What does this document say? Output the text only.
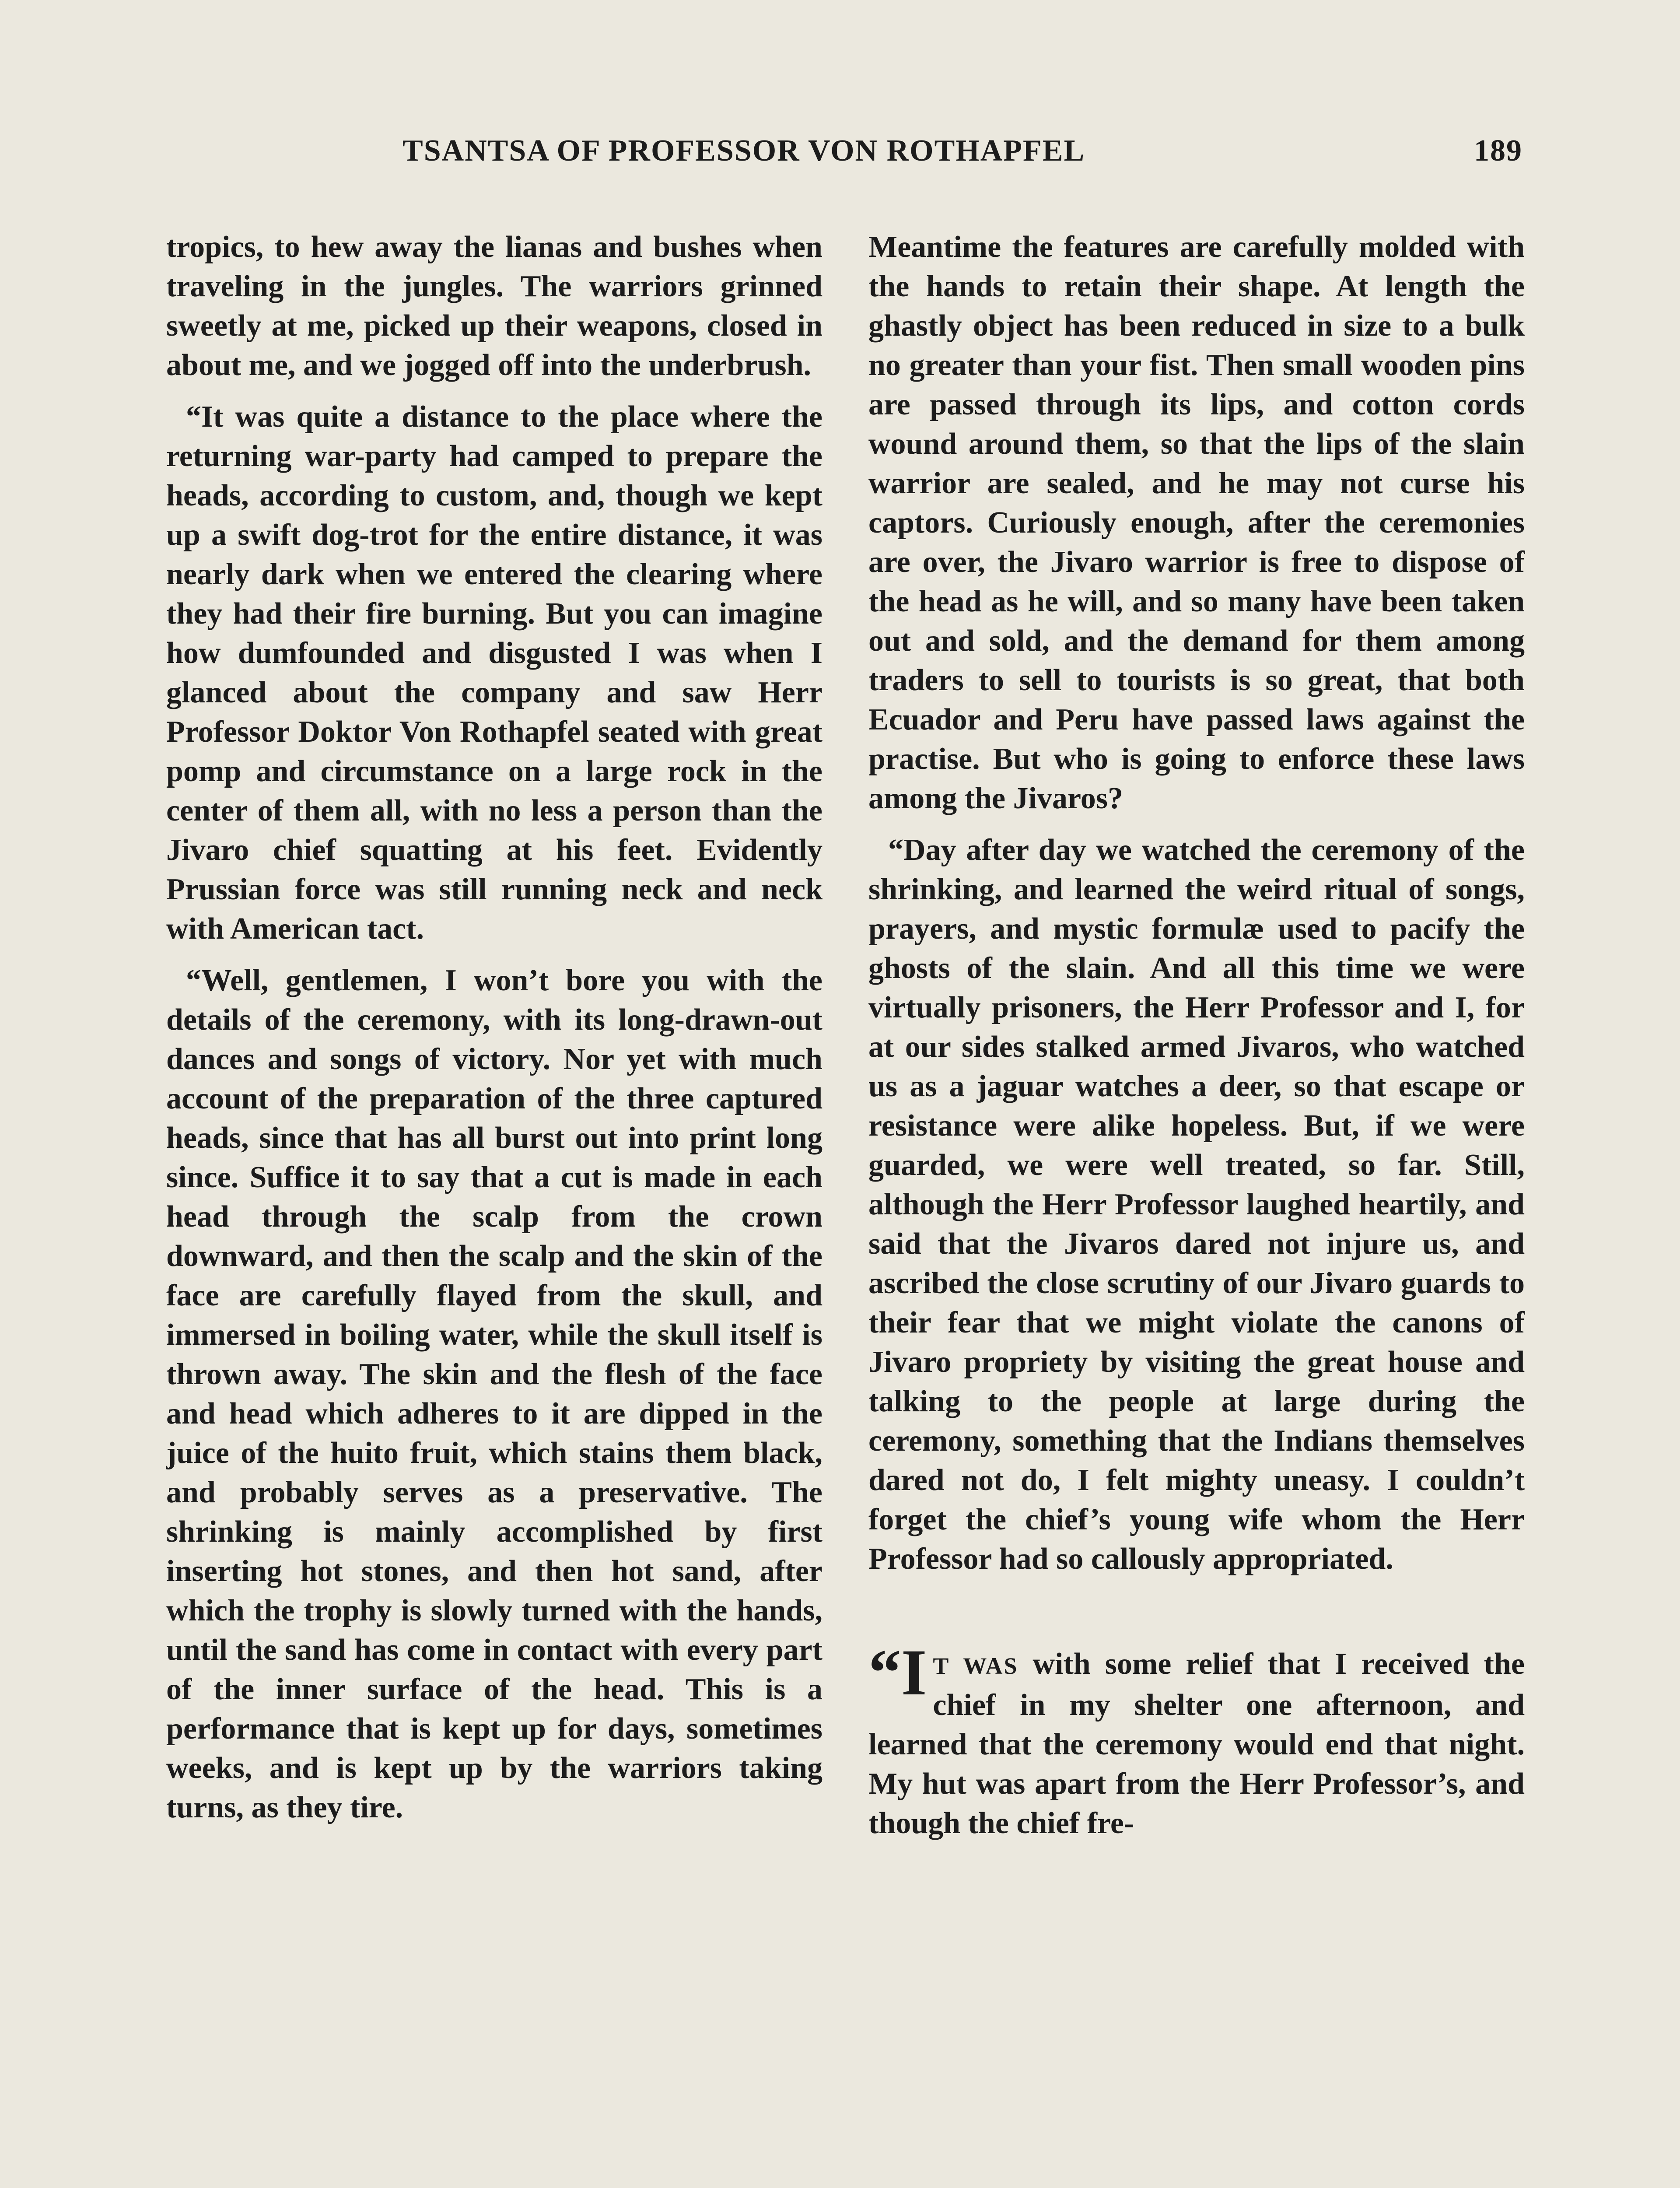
TSANTSA OF PROFESSOR VON ROTHAPFEL	189

tropics, to hew away the lianas and bushes when traveling in the jungles. The warriors grinned sweetly at me, picked up their weapons, closed in about me, and we jogged off into the underbrush.

“It was quite a distance to the place where the returning war-party had camped to prepare the heads, according to custom, and, though we kept up a swift dog-trot for the entire distance, it was nearly dark when we entered the clearing where they had their fire burning. But you can imagine how dumfounded and disgusted I was when I glanced about the company and saw Herr Professor Doktor Von Rothapfel seated with great pomp and circumstance on a large rock in the center of them all, with no less a person than the Jivaro chief squatting at his feet. Evidently Prussian force was still running neck and neck with American tact.

“Well, gentlemen, I won’t bore you with the details of the ceremony, with its long-drawn-out dances and songs of victory. Nor yet with much account of the preparation of the three captured heads, since that has all burst out into print long since. Suffice it to say that a cut is made in each head through the scalp from the crown downward, and then the scalp and the skin of the face are carefully flayed from the skull, and immersed in boiling water, while the skull itself is thrown away. The skin and the flesh of the face and head which adheres to it are dipped in the juice of the huito fruit, which stains them black, and probably serves as a preservative. The shrinking is mainly accomplished by first inserting hot stones, and then hot sand, after which the trophy is slowly turned with the hands, until the sand has come in contact with every part of the inner surface of the head. This is a performance that is kept up for days, sometimes weeks, and is kept up by the warriors taking turns, as they tire.

Meantime the features are carefully molded with the hands to retain their shape. At length the ghastly object has been reduced in size to a bulk no greater than your fist. Then small wooden pins are passed through its lips, and cotton cords wound around them, so that the lips of the slain warrior are sealed, and he may not curse his captors. Curiously enough, after the ceremonies are over, the Jivaro warrior is free to dispose of the head as he will, and so many have been taken out and sold, and the demand for them among traders to sell to tourists is so great, that both Ecuador and Peru have passed laws against the practise. But who is going to enforce these laws among the Jivaros?

“Day after day we watched the ceremony of the shrinking, and learned the weird ritual of songs, prayers, and mystic formulæ used to pacify the ghosts of the slain. And all this time we were virtually prisoners, the Herr Professor and I, for at our sides stalked armed Jivaros, who watched us as a jaguar watches a deer, so that escape or resistance were alike hopeless. But, if we were guarded, we were well treated, so far. Still, although the Herr Professor laughed heartily, and said that the Jivaros dared not injure us, and ascribed the close scrutiny of our Jivaro guards to their fear that we might violate the canons of Jivaro propriety by visiting the great house and talking to the people at large during the ceremony, something that the Indians themselves dared not do, I felt mighty uneasy. I couldn’t forget the chief’s young wife whom the Herr Professor had so callously appropriated.

“I T WAS with some relief that I received the chief in my shelter one afternoon, and learned that the ceremony would end that night. My hut was apart from the Herr Professor’s, and though the chief fre-
